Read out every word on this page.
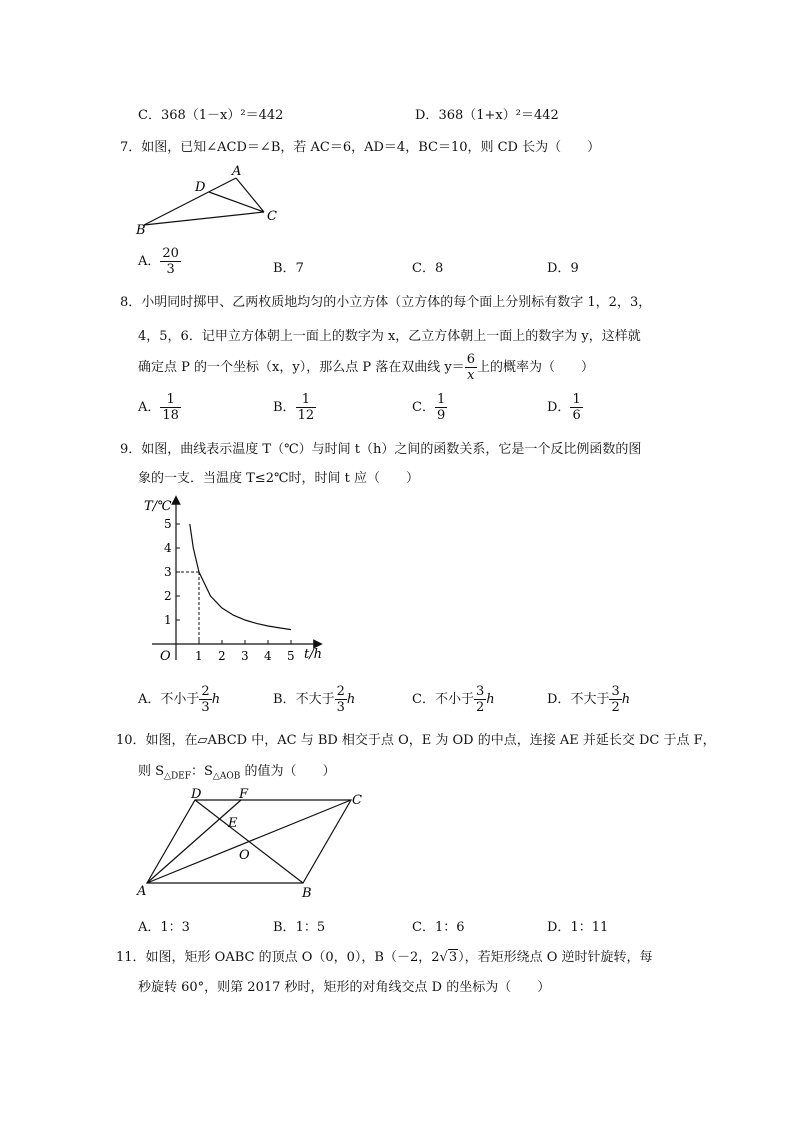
C．368（1－x）²＝442	D．368（1+x）²＝442
7．如图，已知∠ACD＝∠B，若 AC＝6，AD＝4，BC＝10，则 CD 长为（　　）
A
B
C
D
A． $\frac{20}{3}$	B．7	C．8	D．9
8．小明同时掷甲、乙两枚质地均匀的小立方体（立方体的每个面上分别标有数字 1，2，3，
4，5，6．记甲立方体朝上一面上的数字为 x，乙立方体朝上一面上的数字为 y，这样就
确定点 P 的一个坐标（x，y），那么点 P 落在双曲线 $y= \frac{6}{x}$ 上的概率为（　　）
A． $\frac{1}{18}$	B． $\frac{1}{12}$	C． $\frac{1}{9}$	D． $\frac{1}{6}$
9．如图，曲线表示温度 T（℃）与时间 t（h）之间的函数关系，它是一个反比例函数的图
象的一支．当温度 T≤2℃时，时间 t 应（　　）
1
2
3
4
5
1 2 3 4 5
T/℃
t/h
O
A．不小于 $\frac{2}{3}$ h	B．不大于 $\frac{2}{3}$ h	C．不小于 $\frac{3}{2}$ h	D．不大于 $\frac{3}{2}$ h
10．如图，在▱ABCD 中，AC 与 BD 相交于点 O，E 为 OD 的中点，连接 AE 并延长交 DC 于点 F，
则 $S_{\triangle DEF}$：$S_{\triangle AOB}$ 的值为（　　）
A	B
C
D
E
F
O
A．1：3	B．1：5	C．1：6	D．1：11
11．如图，矩形 OABC 的顶点 O（0，0），B（－2，2√3），若矩形绕点 O 逆时针旋转，每
秒旋转 60°，则第 2017 秒时，矩形的对角线交点 D 的坐标为（　　）
